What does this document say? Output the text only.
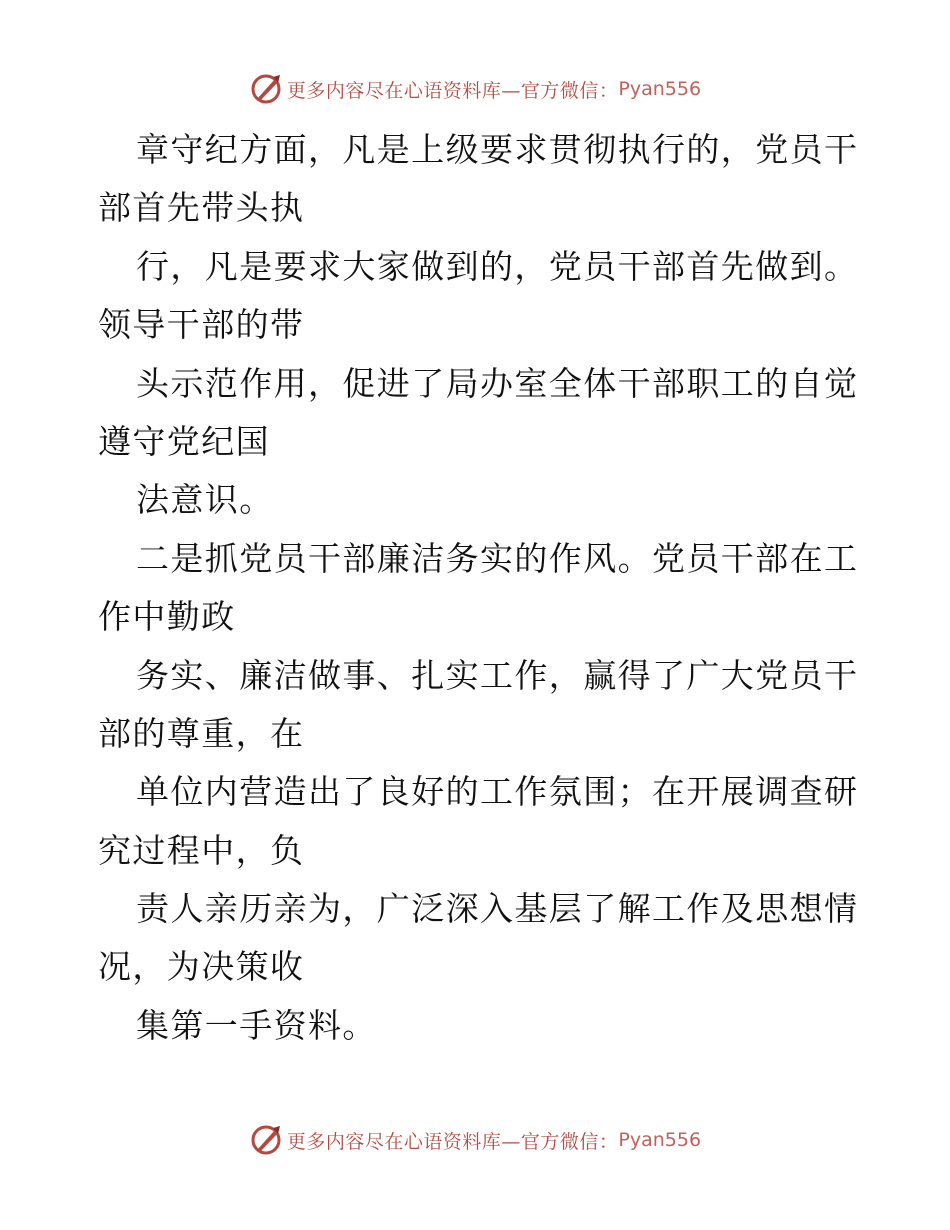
更多内容尽在心语资料库—官方微信： Pyan556
章守纪方面，凡是上级要求贯彻执行的，党员干
部首先带头执
行，凡是要求大家做到的，党员干部首先做到。
领导干部的带
头示范作用，促进了局办室全体干部职工的自觉
遵守党纪国
法意识。
二是抓党员干部廉洁务实的作风。党员干部在工
作中勤政
务实、廉洁做事、扎实工作，赢得了广大党员干
部的尊重，在
单位内营造出了良好的工作氛围；在开展调查研
究过程中，负
责人亲历亲为，广泛深入基层了解工作及思想情
况，为决策收
集第一手资料。
更多内容尽在心语资料库—官方微信： Pyan556
